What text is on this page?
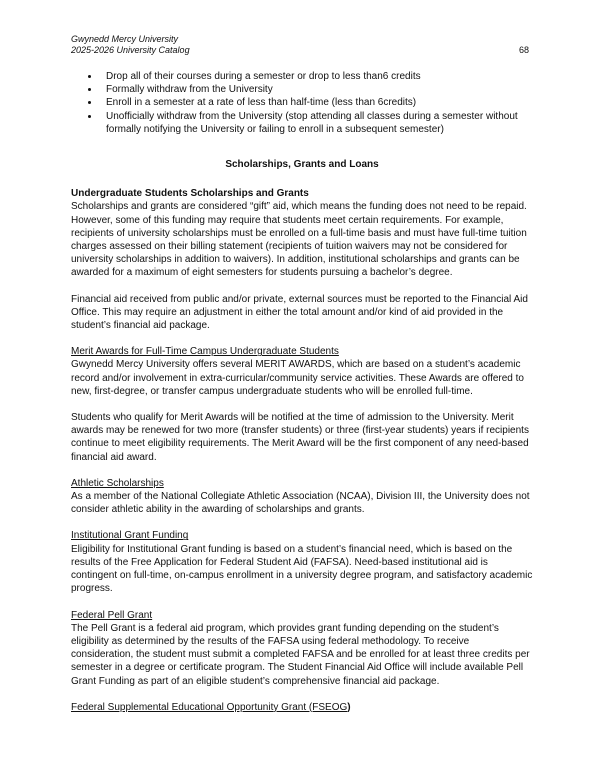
Gwynedd Mercy University
2025-2026 University Catalog	68
• Drop all of their courses during a semester or drop to less than6 credits
• Formally withdraw from the University
• Enroll in a semester at a rate of less than half-time (less than 6credits)
• Unofficially withdraw from the University (stop attending all classes during a semester without formally notifying the University or failing to enroll in a subsequent semester)

Scholarships, Grants and Loans

Undergraduate Students Scholarships and Grants

Scholarships and grants are considered “gift” aid, which means the funding does not need to be repaid. However, some of this funding may require that students meet certain requirements. For example, recipients of university scholarships must be enrolled on a full-time basis and must have full-time tuition charges assessed on their billing statement (recipients of tuition waivers may not be considered for university scholarships in addition to waivers). In addition, institutional scholarships and grants can be awarded for a maximum of eight semesters for students pursuing a bachelor’s degree.

Financial aid received from public and/or private, external sources must be reported to the Financial Aid Office. This may require an adjustment in either the total amount and/or kind of aid provided in the student’s financial aid package.

Merit Awards for Full-Time Campus Undergraduate Students

Gwynedd Mercy University offers several MERIT AWARDS, which are based on a student’s academic record and/or involvement in extra-curricular/community service activities. These Awards are offered to new, first-degree, or transfer campus undergraduate students who will be enrolled full-time.

Students who qualify for Merit Awards will be notified at the time of admission to the University. Merit awards may be renewed for two more (transfer students) or three (first-year students) years if recipients continue to meet eligibility requirements. The Merit Award will be the first component of any need-based financial aid award.

Athletic Scholarships

As a member of the National Collegiate Athletic Association (NCAA), Division III, the University does not consider athletic ability in the awarding of scholarships and grants.

Institutional Grant Funding

Eligibility for Institutional Grant funding is based on a student’s financial need, which is based on the results of the Free Application for Federal Student Aid (FAFSA). Need-based institutional aid is contingent on full-time, on-campus enrollment in a university degree program, and satisfactory academic progress.

Federal Pell Grant

The Pell Grant is a federal aid program, which provides grant funding depending on the student’s eligibility as determined by the results of the FAFSA using federal methodology. To receive consideration, the student must submit a completed FAFSA and be enrolled for at least three credits per semester in a degree or certificate program. The Student Financial Aid Office will include available Pell Grant Funding as part of an eligible student’s comprehensive financial aid package.

Federal Supplemental Educational Opportunity Grant (FSEOG)
